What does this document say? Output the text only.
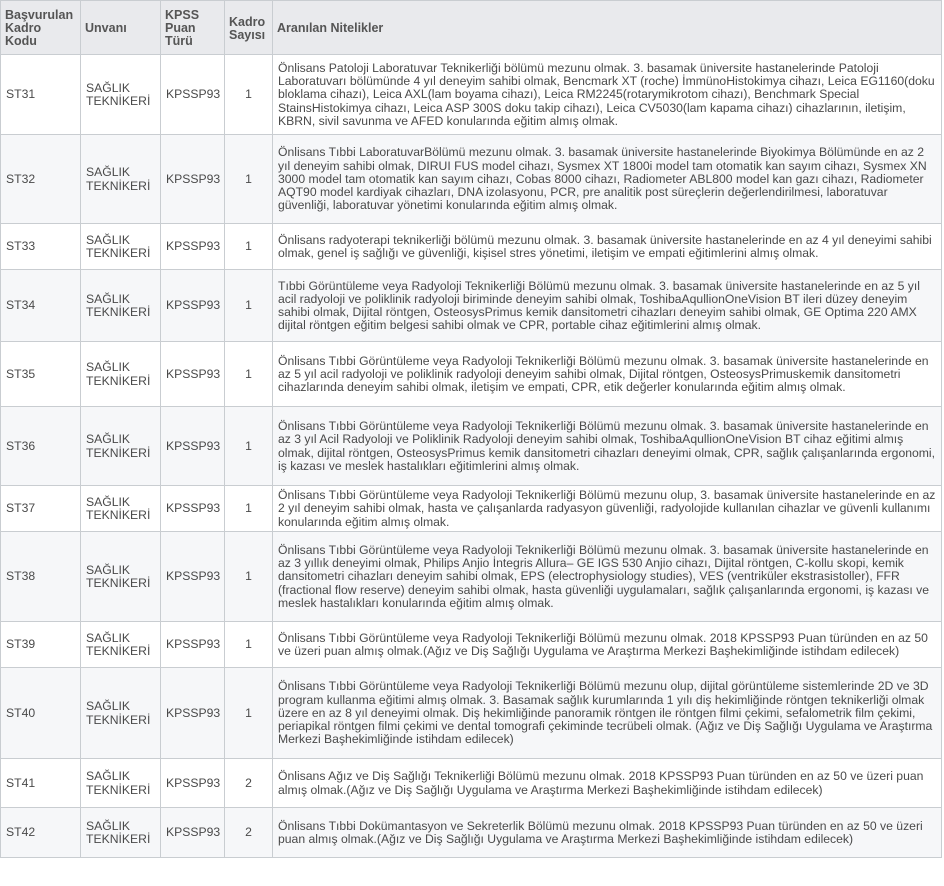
Başvurulan Kadro Kodu	Unvanı	KPSS Puan Türü	Kadro Sayısı	Aranılan Nitelikler
ST31	SAĞLIK TEKNİKERİ	KPSSP93	1	Önlisans Patoloji Laboratuvar Teknikerliği bölümü mezunu olmak. 3. basamak üniversite hastanelerinde Patoloji Laboratuvarı bölümünde 4 yıl deneyim sahibi olmak, Bencmark XT (roche) İmmünoHistokimya cihazı, Leica EG1160(doku bloklama cihazı), Leica AXL(lam boyama cihazı), Leica RM2245(rotarymikrotom cihazı), Benchmark Special StainsHistokimya cihazı, Leica ASP 300S doku takip cihazı), Leica CV5030(lam kapama cihazı) cihazlarının, iletişim, KBRN, sivil savunma ve AFED konularında eğitim almış olmak.
ST32	SAĞLIK TEKNİKERİ	KPSSP93	1	Önlisans Tıbbi LaboratuvarBölümü mezunu olmak. 3. basamak üniversite hastanelerinde Biyokimya Bölümünde en az 2 yıl deneyim sahibi olmak, DIRUI FUS model cihazı, Sysmex XT 1800i model tam otomatik kan sayım cihazı, Sysmex XN 3000 model tam otomatik kan sayım cihazı, Cobas 8000 cihazı, Radiometer ABL800 model kan gazı cihazı, Radiometer AQT90 model kardiyak cihazları, DNA izolasyonu, PCR, pre analitik post süreçlerin değerlendirilmesi, laboratuvar güvenliği, laboratuvar yönetimi konularında eğitim almış olmak.
ST33	SAĞLIK TEKNİKERİ	KPSSP93	1	Önlisans radyoterapi teknikerliği bölümü mezunu olmak. 3. basamak üniversite hastanelerinde en az 4 yıl deneyimi sahibi olmak, genel iş sağlığı ve güvenliği, kişisel stres yönetimi, iletişim ve empati eğitimlerini almış olmak.
ST34	SAĞLIK TEKNİKERİ	KPSSP93	1	Tıbbi Görüntüleme veya Radyoloji Teknikerliği Bölümü mezunu olmak. 3. basamak üniversite hastanelerinde en az 5 yıl acil radyoloji ve poliklinik radyoloji biriminde deneyim sahibi olmak, ToshibaAqullionOneVision BT ileri düzey deneyim sahibi olmak, Dijital röntgen, OsteosysPrimus kemik dansitometri cihazları deneyim sahibi olmak, GE Optima 220 AMX dijital röntgen eğitim belgesi sahibi olmak ve CPR, portable cihaz eğitimlerini almış olmak.
ST35	SAĞLIK TEKNİKERİ	KPSSP93	1	Önlisans Tıbbi Görüntüleme veya Radyoloji Teknikerliği Bölümü mezunu olmak. 3. basamak üniversite hastanelerinde en az 5 yıl acil radyoloji ve poliklinik radyoloji deneyim sahibi olmak, Dijital röntgen, OsteosysPrimuskemik dansitometri cihazlarında deneyim sahibi olmak, iletişim ve empati, CPR, etik değerler konularında eğitim almış olmak.
ST36	SAĞLIK TEKNİKERİ	KPSSP93	1	Önlisans Tıbbi Görüntüleme veya Radyoloji Teknikerliği Bölümü mezunu olmak. 3. basamak üniversite hastanelerinde en az 3 yıl Acil Radyoloji ve Poliklinik Radyoloji deneyim sahibi olmak, ToshibaAqullionOneVision BT cihaz eğitimi almış olmak, dijital röntgen, OsteosysPrimus kemik dansitometri cihazları deneyimi olmak, CPR, sağlık çalışanlarında ergonomi, iş kazası ve meslek hastalıkları eğitimlerini almış olmak.
ST37	SAĞLIK TEKNİKERİ	KPSSP93	1	Önlisans Tıbbi Görüntüleme veya Radyoloji Teknikerliği Bölümü mezunu olup, 3. basamak üniversite hastanelerinde en az 2 yıl deneyim sahibi olmak, hasta ve çalışanlarda radyasyon güvenliği, radyolojide kullanılan cihazlar ve güvenli kullanımı konularında eğitim almış olmak.
ST38	SAĞLIK TEKNİKERİ	KPSSP93	1	Önlisans Tıbbi Görüntüleme veya Radyoloji Teknikerliği Bölümü mezunu olmak. 3. basamak üniversite hastanelerinde en az 3 yıllık deneyimi olmak, Philips Anjio İntegris Allura– GE IGS 530 Anjio cihazı, Dijital röntgen, C-kollu skopi, kemik dansitometri cihazları deneyim sahibi olmak, EPS (electrophysiology studies), VES (ventriküler ekstrasistoller), FFR (fractional flow reserve) deneyim sahibi olmak, hasta güvenliği uygulamaları, sağlık çalışanlarında ergonomi, iş kazası ve meslek hastalıkları konularında eğitim almış olmak.
ST39	SAĞLIK TEKNİKERİ	KPSSP93	1	Önlisans Tıbbi Görüntüleme veya Radyoloji Teknikerliği Bölümü mezunu olmak. 2018 KPSSP93 Puan türünden en az 50 ve üzeri puan almış olmak.(Ağız ve Diş Sağlığı Uygulama ve Araştırma Merkezi Başhekimliğinde istihdam edilecek)
ST40	SAĞLIK TEKNİKERİ	KPSSP93	1	Önlisans Tıbbi Görüntüleme veya Radyoloji Teknikerliği Bölümü mezunu olup, dijital görüntüleme sistemlerinde 2D ve 3D program kullanma eğitimi almış olmak. 3. Basamak sağlık kurumlarında 1 yılı diş hekimliğinde röntgen teknikerliği olmak üzere en az 8 yıl deneyimi olmak. Diş hekimliğinde panoramik röntgen ile röntgen filmi çekimi, sefalometrik film çekimi, periapikal röntgen filmi çekimi ve dental tomografi çekiminde tecrübeli olmak. (Ağız ve Diş Sağlığı Uygulama ve Araştırma Merkezi Başhekimliğinde istihdam edilecek)
ST41	SAĞLIK TEKNİKERİ	KPSSP93	2	Önlisans Ağız ve Diş Sağlığı Teknikerliği Bölümü mezunu olmak. 2018 KPSSP93 Puan türünden en az 50 ve üzeri puan almış olmak.(Ağız ve Diş Sağlığı Uygulama ve Araştırma Merkezi Başhekimliğinde istihdam edilecek)
ST42	SAĞLIK TEKNİKERİ	KPSSP93	2	Önlisans Tıbbi Dokümantasyon ve Sekreterlik Bölümü mezunu olmak. 2018 KPSSP93 Puan türünden en az 50 ve üzeri puan almış olmak.(Ağız ve Diş Sağlığı Uygulama ve Araştırma Merkezi Başhekimliğinde istihdam edilecek)
